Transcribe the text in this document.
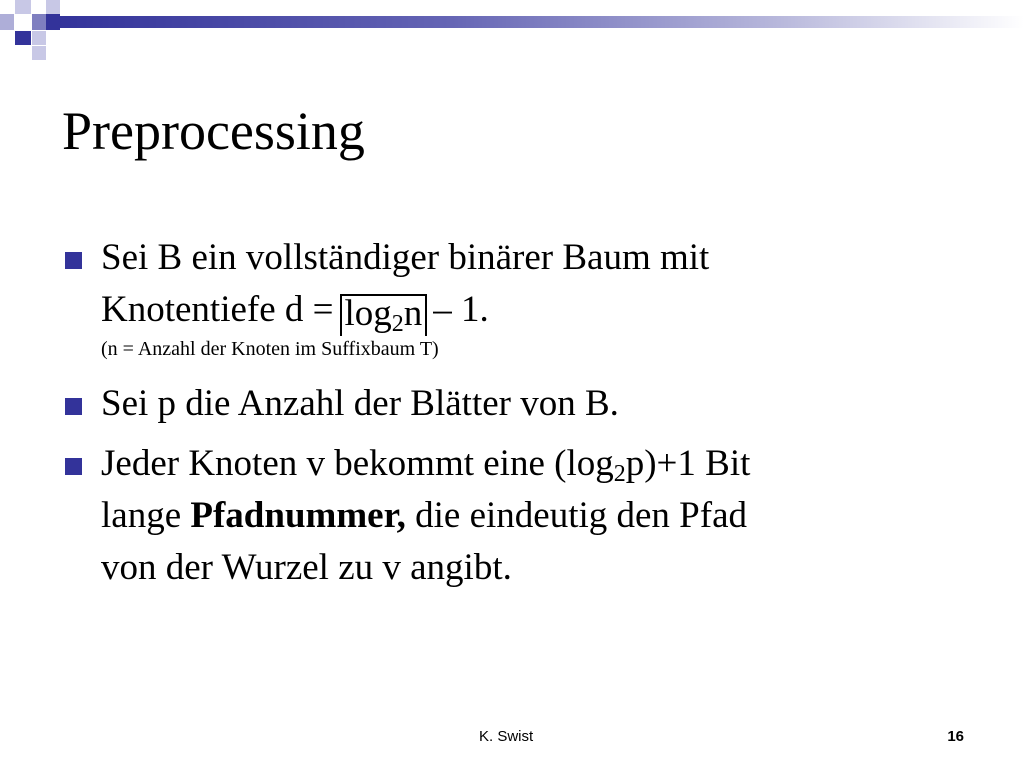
Preprocessing
Sei B ein vollständiger binärer Baum mit
Knotentiefe $d = \log_2n - 1$.
(n = Anzahl der Knoten im Suffixbaum T)
Sei p die Anzahl der Blätter von B.
Jeder Knoten v bekommt eine $(\log_2p)+1$ Bit
lange Pfadnummer, die eindeutig den Pfad
von der Wurzel zu v angibt.
K. Swist	16
